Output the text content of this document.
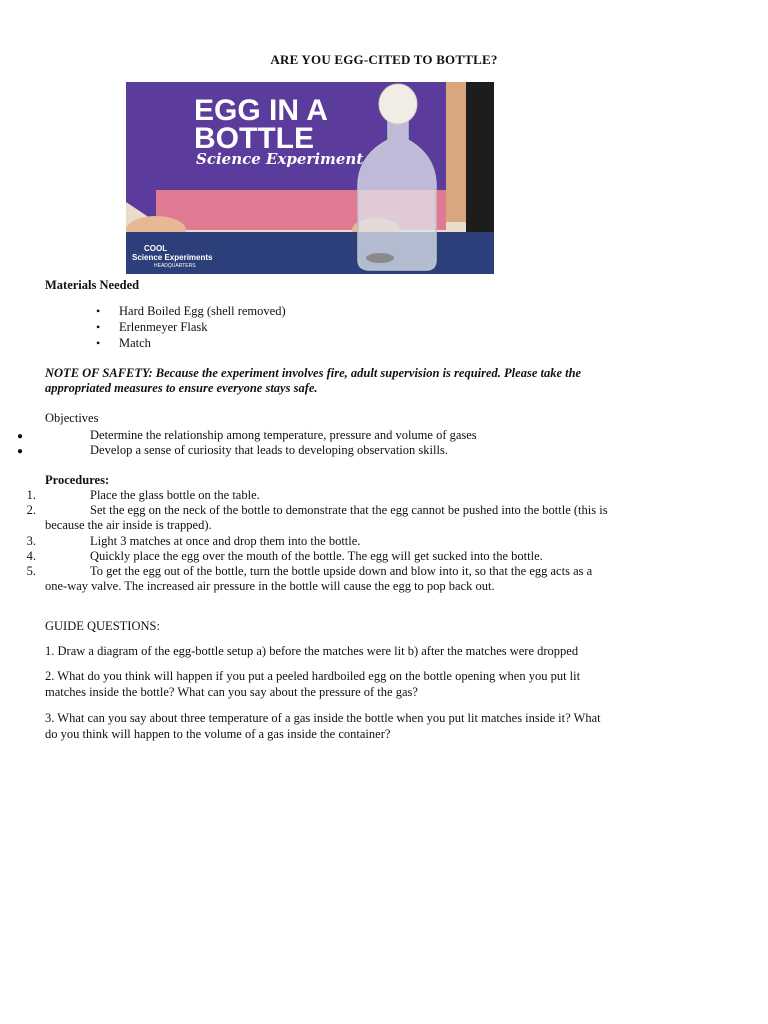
ARE YOU EGG-CITED TO BOTTLE?
EGG IN A
BOTTLE
Science Experiment
COOL
Science Experiments
HEADQUARTERS
Materials Needed
• Hard Boiled Egg (shell removed)
• Erlenmeyer Flask
• Match
NOTE OF SAFETY: Because the experiment involves fire, adult supervision is required. Please take the
appropriated measures to ensure everyone stays safe.
Objectives
●	Determine the relationship among temperature, pressure and volume of gases
●	Develop a sense of curiosity that leads to developing observation skills.
Procedures:
1.	Place the glass bottle on the table.
2.	Set the egg on the neck of the bottle to demonstrate that the egg cannot be pushed into the bottle (this is
because the air inside is trapped).
3.	Light 3 matches at once and drop them into the bottle.
4.	Quickly place the egg over the mouth of the bottle. The egg will get sucked into the bottle.
5.	To get the egg out of the bottle, turn the bottle upside down and blow into it, so that the egg acts as a
one-way valve. The increased air pressure in the bottle will cause the egg to pop back out.
GUIDE QUESTIONS:
1. Draw a diagram of the egg-bottle setup a) before the matches were lit b) after the matches were dropped
2. What do you think will happen if you put a peeled hardboiled egg on the bottle opening when you put lit
matches inside the bottle? What can you say about the pressure of the gas?
3. What can you say about three temperature of a gas inside the bottle when you put lit matches inside it? What
do you think will happen to the volume of a gas inside the container?
